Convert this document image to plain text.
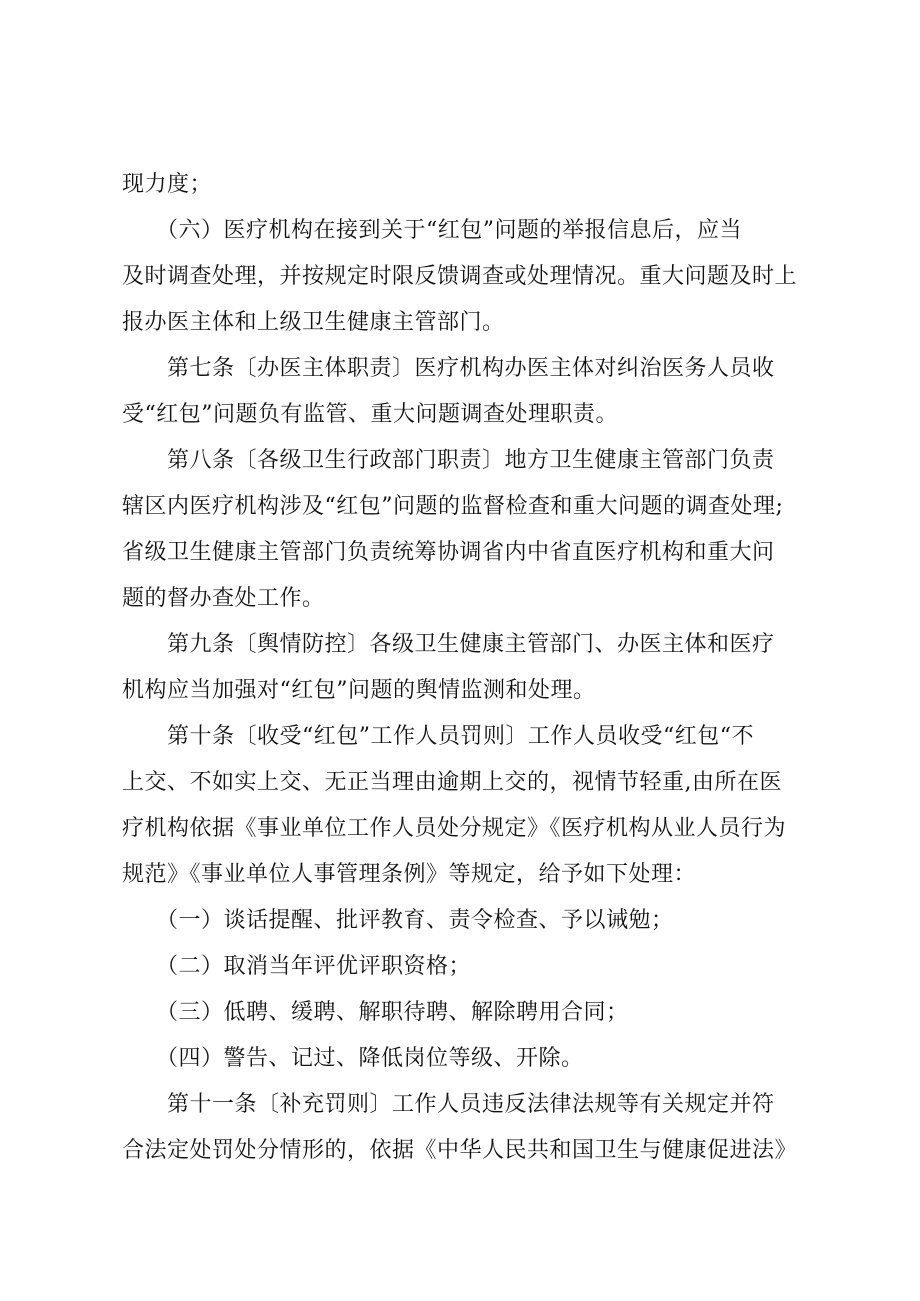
现力度；
　　（六）医疗机构在接到关于“红包”问题的举报信息后，应当
及时调查处理，并按规定时限反馈调查或处理情况。重大问题及时上
报办医主体和上级卫生健康主管部门。
　　第七条〔办医主体职责〕医疗机构办医主体对纠治医务人员收
受“红包”问题负有监管、重大问题调查处理职责。
　　第八条〔各级卫生行政部门职责〕地方卫生健康主管部门负责
辖区内医疗机构涉及“红包”问题的监督检查和重大问题的调查处理;
省级卫生健康主管部门负责统筹协调省内中省直医疗机构和重大问
题的督办查处工作。
　　第九条〔舆情防控〕各级卫生健康主管部门、办医主体和医疗
机构应当加强对“红包”问题的舆情监测和处理。
　　第十条〔收受“红包”工作人员罚则〕工作人员收受“红包“不
上交、不如实上交、无正当理由逾期上交的，视情节轻重,由所在医
疗机构依据《事业单位工作人员处分规定》《医疗机构从业人员行为
规范》《事业单位人事管理条例》等规定，给予如下处理：
　　（一）谈话提醒、批评教育、责令检查、予以诫勉；
　　（二）取消当年评优评职资格；
　　（三）低聘、缓聘、解职待聘、解除聘用合同；
　　（四）警告、记过、降低岗位等级、开除。
　　第十一条〔补充罚则〕工作人员违反法律法规等有关规定并符
合法定处罚处分情形的，依据《中华人民共和国卫生与健康促进法》
